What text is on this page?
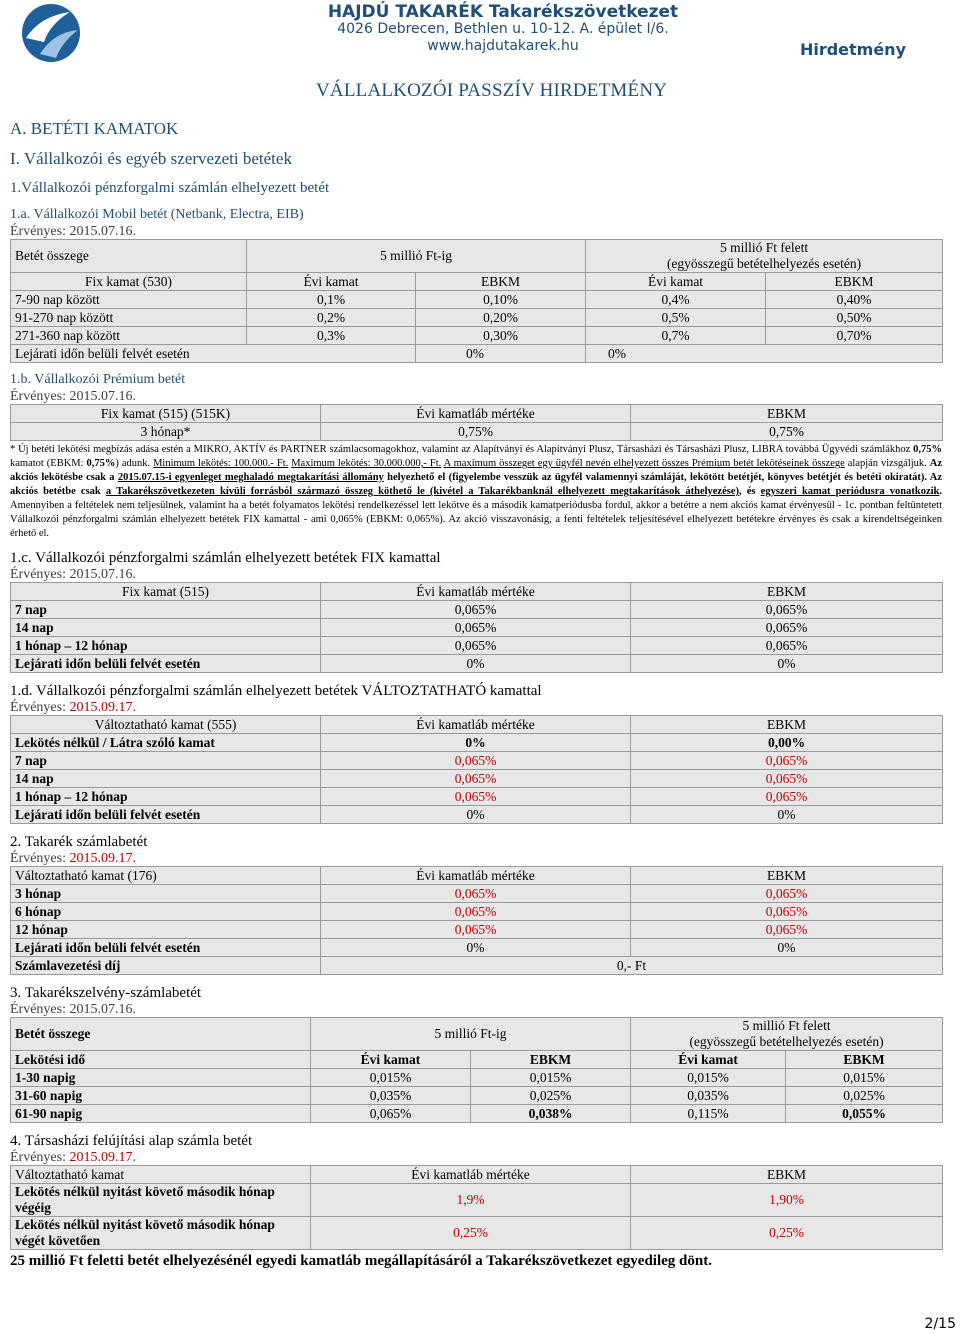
HAJDÚ TAKARÉK Takarékszövetkezet
4026 Debrecen, Bethlen u. 10-12. A. épület I/6.
www.hajdutakarek.hu	Hirdetmény
VÁLLALKOZÓI PASSZÍV HIRDETMÉNY
A. BETÉTI KAMATOK
I. Vállalkozói és egyéb szervezeti betétek
1.Vállalkozói pénzforgalmi számlán elhelyezett betét
1.a. Vállalkozói Mobil betét (Netbank, Electra, EIB)
Érvényes: 2015.07.16.
Betét összege	5 millió Ft-ig		5 millió Ft felett
(egyösszegű betételhelyezés esetén)	
Fix kamat (530)	Évi kamat	EBKM	Évi kamat	EBKM
7-90 nap között	0,1%	0,10%	0,4%	0,40%
91-270 nap között	0,2%	0,20%	0,5%	0,50%
271-360 nap között	0,3%	0,30%	0,7%	0,70%
Lejárati időn belüli felvét esetén		0%	0%	
1.b. Vállalkozói Prémium betét
Érvényes: 2015.07.16.
Fix kamat (515) (515K)	Évi kamatláb mértéke	EBKM
3 hónap*	0,75%	0,75%
* Új betéti lekötési megbízás adása estén a MIKRO, AKTÍV és PARTNER számlacsomagokhoz, valamint az Alapítványi és Alapítványi Plusz, Társasházi és Társasházi Plusz, LIBRA továbbá Ügyvédi számlákhoz 0,75% kamatot (EBKM: 0,75%) adunk. Minimum lekötés: 100.000.- Ft. Maximum lekötés: 30.000.000,- Ft. A maximum összeget egy ügyfél nevén elhelyezett összes Prémium betét lekötéseinek összege alapján vizsgáljuk. Az akciós lekötésbe csak a 2015.07.15-i egyenleget meghaladó megtakarítási állomány helyezhető el (figyelembe vesszük az ügyfél valamennyi számláját, lekötött betétjét, könyves betétjét és betéti okiratát). Az akciós betétbe csak a Takarékszövetkezeten kívüli forrásból származó összeg köthető le (kivétel a Takarékbanknál elhelyezett megtakarítások áthelyezése), és egyszeri kamat periódusra vonatkozik. Amennyiben a feltételek nem teljesülnek, valamint ha a betét folyamatos lekötési rendelkezéssel lett lekötve és a második kamatperiódusba fordul, akkor a betétre a nem akciós kamat érvényesül - 1c. pontban feltüntetett Vállalkozói pénzforgalmi számlán elhelyezett betétek FIX kamattal - ami 0,065% (EBKM: 0,065%). Az akció visszavonásig, a fenti feltételek teljesítésével elhelyezett betétekre érvényes és csak a kirendeltségeinken érhető el.
1.c. Vállalkozói pénzforgalmi számlán elhelyezett betétek FIX kamattal
Érvényes: 2015.07.16.
Fix kamat (515)	Évi kamatláb mértéke	EBKM
7 nap	0,065%	0,065%
14 nap	0,065%	0,065%
1 hónap – 12 hónap	0,065%	0,065%
Lejárati időn belüli felvét esetén	0%	0%
1.d. Vállalkozói pénzforgalmi számlán elhelyezett betétek VÁLTOZTATHATÓ kamattal
Érvényes: 2015.09.17.
Változtatható kamat (555)	Évi kamatláb mértéke	EBKM
Lekötés nélkül / Látra szóló kamat	0%	0,00%
7 nap	0,065%	0,065%
14 nap	0,065%	0,065%
1 hónap – 12 hónap	0,065%	0,065%
Lejárati időn belüli felvét esetén	0%	0%
2. Takarék számlabetét
Érvényes: 2015.09.17.
Változtatható kamat (176)	Évi kamatláb mértéke	EBKM
3 hónap	0,065%	0,065%
6 hónap	0,065%	0,065%
12 hónap	0,065%	0,065%
Lejárati időn belüli felvét esetén	0%	0%
Számlavezetési díj	0,- Ft	
3. Takarékszelvény-számlabetét
Érvényes: 2015.07.16.
Betét összege	5 millió Ft-ig		5 millió Ft felett
(egyösszegű betételhelyezés esetén)	
Lekötési idő	Évi kamat	EBKM	Évi kamat	EBKM
1-30 napig	0,015%	0,015%	0,015%	0,015%
31-60 napig	0,035%	0,025%	0,035%	0,025%
61-90 napig	0,065%	0,038%	0,115%	0,055%
4. Társasházi felújítási alap számla betét
Érvényes: 2015.09.17.
Változtatható kamat	Évi kamatláb mértéke	EBKM
Lekötés nélkül nyitást követő második hónap végéig	1,9%	1,90%
Lekötés nélkül nyitást követő második hónap végét követően	0,25%	0,25%
25 millió Ft feletti betét elhelyezésénél egyedi kamatláb megállapításáról a Takarékszövetkezet egyedileg dönt.
2/15
